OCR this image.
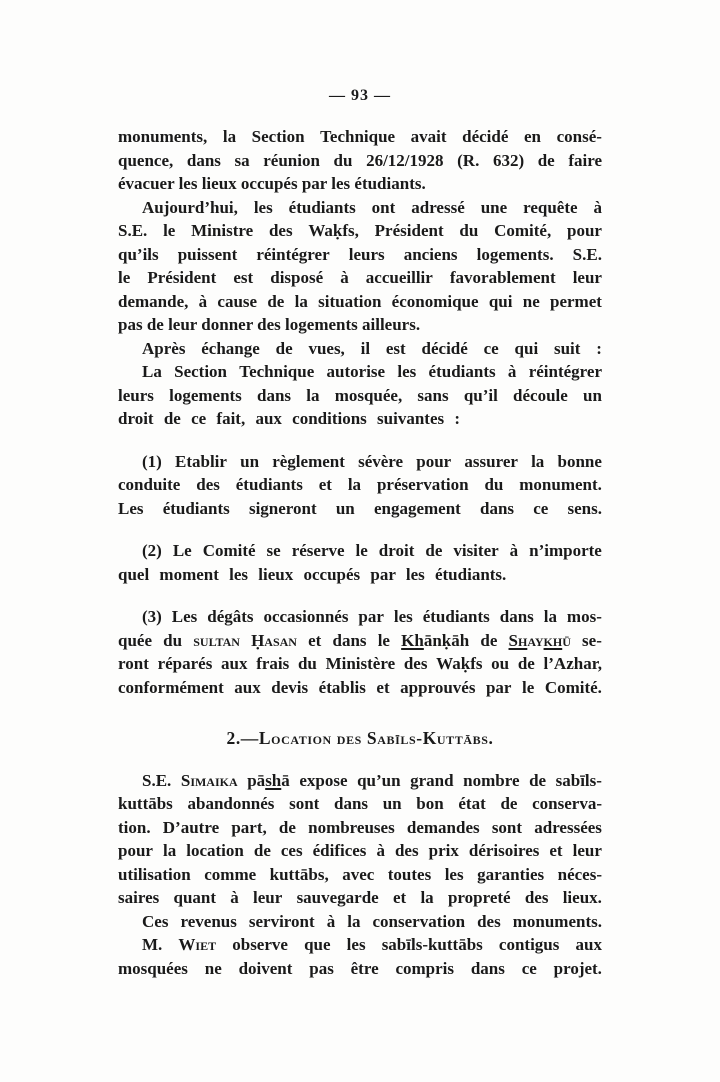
— 93 —
monuments, la Section Technique avait décidé en consé-
quence, dans sa réunion du 26/12/1928 (R. 632) de faire
évacuer les lieux occupés par les étudiants.
Aujourd’hui, les étudiants ont adressé une requête à
S.E. le Ministre des Waḳfs, Président du Comité, pour
qu’ils puissent réintégrer leurs anciens logements. S.E.
le Président est disposé à accueillir favorablement leur
demande, à cause de la situation économique qui ne permet
pas de leur donner des logements ailleurs.
Après échange de vues, il est décidé ce qui suit :
La Section Technique autorise les étudiants à réintégrer
leurs logements dans la mosquée, sans qu’il découle un
droit de ce fait, aux conditions suivantes :
(1) Etablir un règlement sévère pour assurer la bonne
conduite des étudiants et la préservation du monument.
Les étudiants signeront un engagement dans ce sens.
(2) Le Comité se réserve le droit de visiter à n’importe
quel moment les lieux occupés par les étudiants.
(3) Les dégâts occasionnés par les étudiants dans la mos-
quée du sultan Ḥasan et dans le Khānḳāh de Shaykhū se-
ront réparés aux frais du Ministère des Waḳfs ou de l’Azhar,
conformément aux devis établis et approuvés par le Comité.
2.—Location des Sabīls-Kuttābs.
S.E. Simaika pāshā expose qu’un grand nombre de sabīls-
kuttābs abandonnés sont dans un bon état de conserva-
tion. D’autre part, de nombreuses demandes sont adressées
pour la location de ces édifices à des prix dérisoires et leur
utilisation comme kuttābs, avec toutes les garanties néces-
saires quant à leur sauvegarde et la propreté des lieux.
Ces revenus serviront à la conservation des monuments.
M. Wiet observe que les sabīls-kuttābs contigus aux
mosquées ne doivent pas être compris dans ce projet.
